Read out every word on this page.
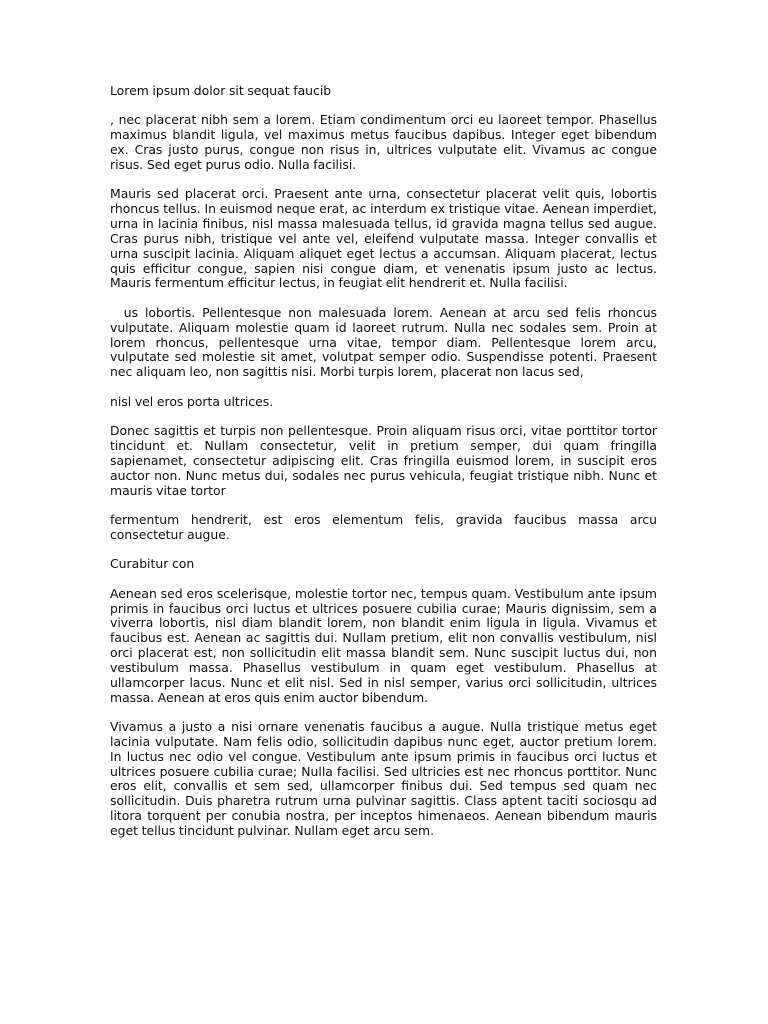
Lorem ipsum dolor sit sequat faucib

, nec placerat nibh sem a lorem. Etiam condimentum orci eu laoreet tempor. Phasellus maximus blandit ligula, vel maximus metus faucibus dapibus. Integer eget bibendum ex. Cras justo purus, congue non risus in, ultrices vulputate elit. Vivamus ac congue risus. Sed eget purus odio. Nulla facilisi.

Mauris sed placerat orci. Praesent ante urna, consectetur placerat velit quis, lobortis rhoncus tellus. In euismod neque erat, ac interdum ex tristique vitae. Aenean imperdiet, urna in lacinia finibus, nisl massa malesuada tellus, id gravida magna tellus sed augue. Cras purus nibh, tristique vel ante vel, eleifend vulputate massa. Integer convallis et urna suscipit lacinia. Aliquam aliquet eget lectus a accumsan. Aliquam placerat, lectus quis efficitur congue, sapien nisi congue diam, et venenatis ipsum justo ac lectus. Mauris fermentum efficitur lectus, in feugiat elit hendrerit et. Nulla facilisi.

us lobortis. Pellentesque non malesuada lorem. Aenean at arcu sed felis rhoncus vulputate. Aliquam molestie quam id laoreet rutrum. Nulla nec sodales sem. Proin at lorem rhoncus, pellentesque urna vitae, tempor diam. Pellentesque lorem arcu, vulputate sed molestie sit amet, volutpat semper odio. Suspendisse potenti. Praesent nec aliquam leo, non sagittis nisi. Morbi turpis lorem, placerat non lacus sed,

nisl vel eros porta ultrices.

Donec sagittis et turpis non pellentesque. Proin aliquam risus orci, vitae porttitor tortor tincidunt et. Nullam consectetur, velit in pretium semper, dui quam fringilla sapienamet, consectetur adipiscing elit. Cras fringilla euismod lorem, in suscipit eros auctor non. Nunc metus dui, sodales nec purus vehicula, feugiat tristique nibh. Nunc et mauris vitae tortor

fermentum hendrerit, est eros elementum felis, gravida faucibus massa arcu consectetur augue.

Curabitur con

Aenean sed eros scelerisque, molestie tortor nec, tempus quam. Vestibulum ante ipsum primis in faucibus orci luctus et ultrices posuere cubilia curae; Mauris dignissim, sem a viverra lobortis, nisl diam blandit lorem, non blandit enim ligula in ligula. Vivamus et faucibus est. Aenean ac sagittis dui. Nullam pretium, elit non convallis vestibulum, nisl orci placerat est, non sollicitudin elit massa blandit sem. Nunc suscipit luctus dui, non vestibulum massa. Phasellus vestibulum in quam eget vestibulum. Phasellus at ullamcorper lacus. Nunc et elit nisl. Sed in nisl semper, varius orci sollicitudin, ultrices massa. Aenean at eros quis enim auctor bibendum.

Vivamus a justo a nisi ornare venenatis faucibus a augue. Nulla tristique metus eget lacinia vulputate. Nam felis odio, sollicitudin dapibus nunc eget, auctor pretium lorem. In luctus nec odio vel congue. Vestibulum ante ipsum primis in faucibus orci luctus et ultrices posuere cubilia curae; Nulla facilisi. Sed ultricies est nec rhoncus porttitor. Nunc eros elit, convallis et sem sed, ullamcorper finibus dui. Sed tempus sed quam nec sollicitudin. Duis pharetra rutrum urna pulvinar sagittis. Class aptent taciti sociosqu ad litora torquent per conubia nostra, per inceptos himenaeos. Aenean bibendum mauris eget tellus tincidunt pulvinar. Nullam eget arcu sem.
